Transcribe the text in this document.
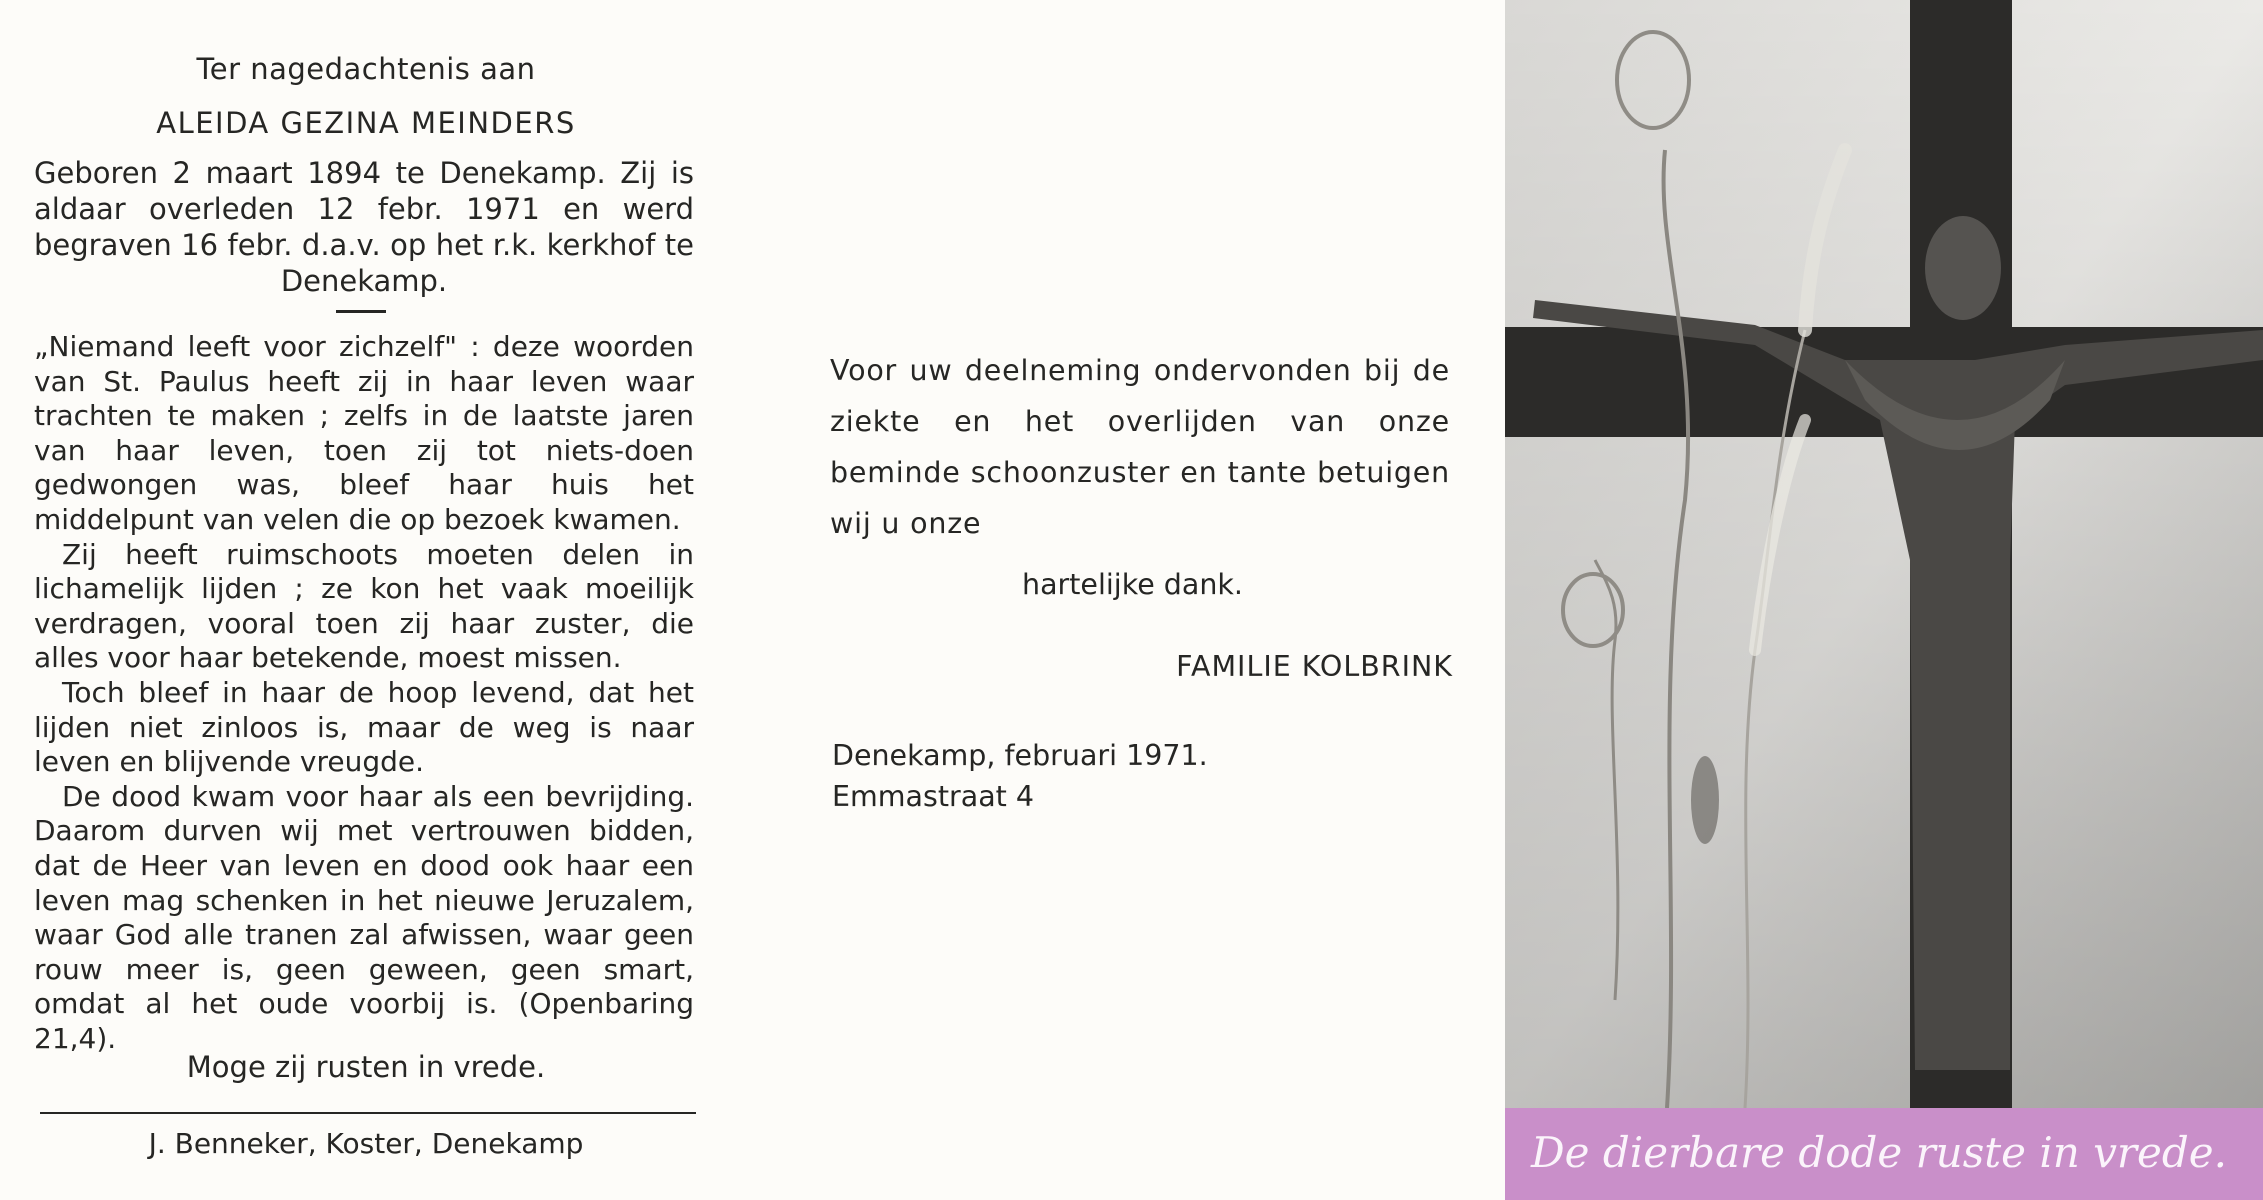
Ter nagedachtenis aan
ALEIDA GEZINA MEINDERS
Geboren 2 maart 1894 te Denekamp. Zij is aldaar overleden 12 febr. 1971 en werd begraven 16 febr. d.a.v. op het r.k. kerkhof te Denekamp.

„Niemand leeft voor zichzelf" : deze woorden van St. Paulus heeft zij in haar leven waar trachten te maken ; zelfs in de laatste jaren van haar leven, toen zij tot niets-doen gedwongen was, bleef haar huis het middelpunt van velen die op bezoek kwamen.

Zij heeft ruimschoots moeten delen in lichamelijk lijden ; ze kon het vaak moeilijk verdragen, vooral toen zij haar zuster, die alles voor haar betekende, moest missen.

Toch bleef in haar de hoop levend, dat het lijden niet zinloos is, maar de weg is naar leven en blijvende vreugde.

De dood kwam voor haar als een bevrijding. Daarom durven wij met vertrouwen bidden, dat de Heer van leven en dood ook haar een leven mag schenken in het nieuwe Jeruzalem, waar God alle tranen zal afwissen, waar geen rouw meer is, geen geween, geen smart, omdat al het oude voorbij is. (Openbaring 21,4).

Moge zij rusten in vrede.
J. Benneker, Koster, Denekamp
Voor uw deelneming ondervonden bij de ziekte en het overlijden van onze beminde schoonzuster en tante betuigen wij u onze
hartelijke dank.
FAMILIE KOLBRINK
Denekamp, februari 1971.
Emmastraat 4
De dierbare dode ruste in vrede.
